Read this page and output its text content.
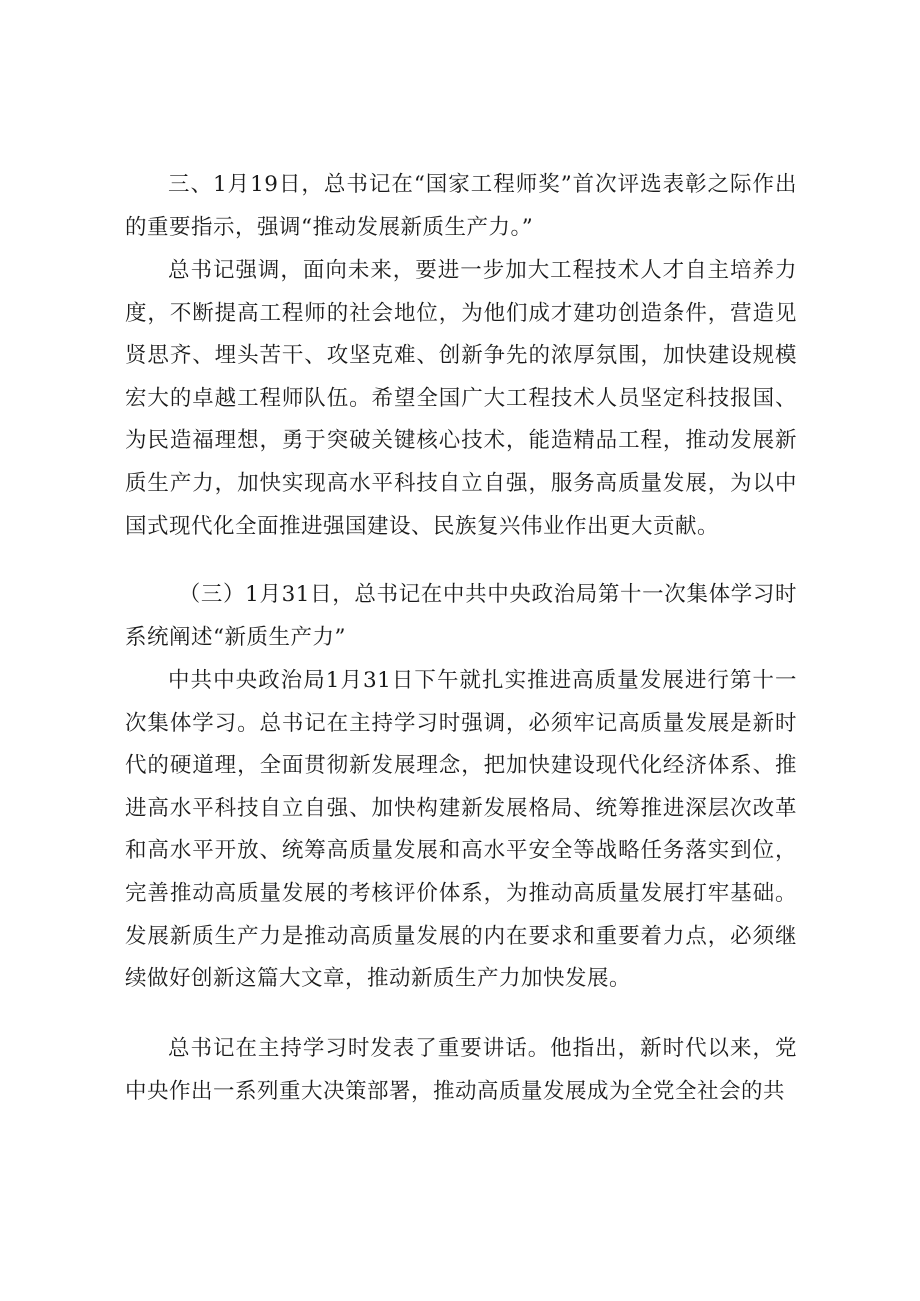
三、1月19日，总书记在“国家工程师奖”首次评选表彰之际作出的重要指示，强调“推动发展新质生产力。”

总书记强调，面向未来，要进一步加大工程技术人才自主培养力度，不断提高工程师的社会地位，为他们成才建功创造条件，营造见贤思齐、埋头苦干、攻坚克难、创新争先的浓厚氛围，加快建设规模宏大的卓越工程师队伍。希望全国广大工程技术人员坚定科技报国、为民造福理想，勇于突破关键核心技术，能造精品工程，推动发展新质生产力，加快实现高水平科技自立自强，服务高质量发展，为以中国式现代化全面推进强国建设、民族复兴伟业作出更大贡献。

（三）1月31日，总书记在中共中央政治局第十一次集体学习时系统阐述“新质生产力”

中共中央政治局1月31日下午就扎实推进高质量发展进行第十一次集体学习。总书记在主持学习时强调，必须牢记高质量发展是新时代的硬道理，全面贯彻新发展理念，把加快建设现代化经济体系、推进高水平科技自立自强、加快构建新发展格局、统筹推进深层次改革和高水平开放、统筹高质量发展和高水平安全等战略任务落实到位，完善推动高质量发展的考核评价体系，为推动高质量发展打牢基础。发展新质生产力是推动高质量发展的内在要求和重要着力点，必须继续做好创新这篇大文章，推动新质生产力加快发展。

总书记在主持学习时发表了重要讲话。他指出，新时代以来，党中央作出一系列重大决策部署，推动高质量发展成为全党全社会的共
